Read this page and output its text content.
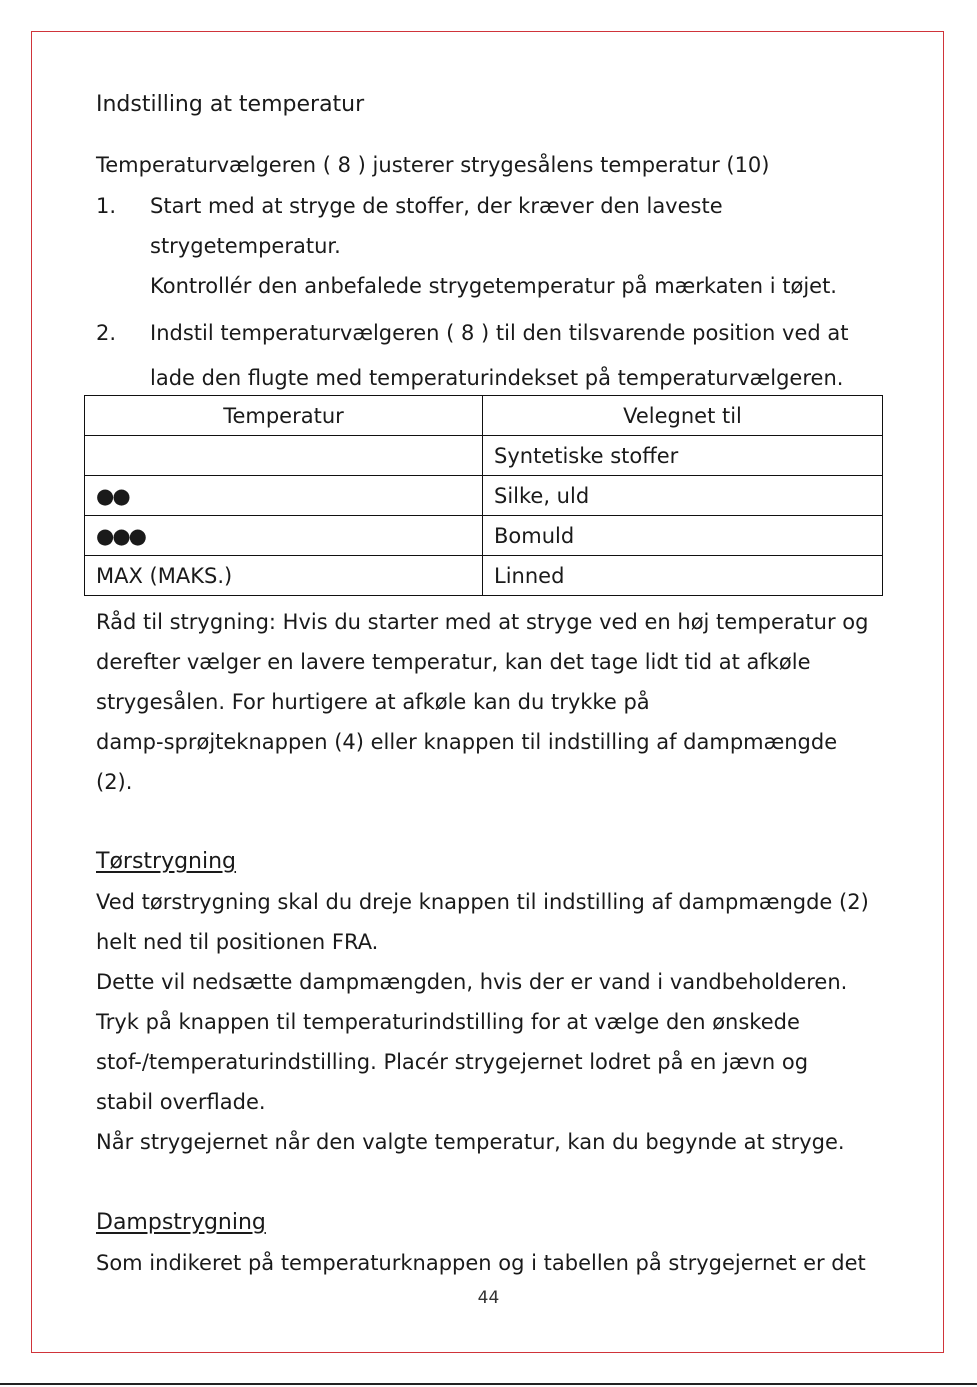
Indstilling at temperatur
Temperaturvælgeren ( 8 ) justerer strygesålens temperatur (10)
1. Start med at stryge de stoffer, der kræver den laveste
strygetemperatur.
Kontrollér den anbefalede strygetemperatur på mærkaten i tøjet.
2. Indstil temperaturvælgeren ( 8 ) til den tilsvarende position ved at
lade den flugte med temperaturindekset på temperaturvælgeren.
Temperatur	Velegnet til
	Syntetiske stoffer
●●	Silke, uld
●●●	Bomuld
MAX (MAKS.)	Linned
Råd til strygning: Hvis du starter med at stryge ved en høj temperatur og
derefter vælger en lavere temperatur, kan det tage lidt tid at afkøle
strygesålen. For hurtigere at afkøle kan du trykke på
damp-sprøjteknappen (4) eller knappen til indstilling af dampmængde
(2).
Tørstrygning
Ved tørstrygning skal du dreje knappen til indstilling af dampmængde (2)
helt ned til positionen FRA.
Dette vil nedsætte dampmængden, hvis der er vand i vandbeholderen.
Tryk på knappen til temperaturindstilling for at vælge den ønskede
stof-/temperaturindstilling. Placér strygejernet lodret på en jævn og
stabil overflade.
Når strygejernet når den valgte temperatur, kan du begynde at stryge.
Dampstrygning
Som indikeret på temperaturknappen og i tabellen på strygejernet er det
44
